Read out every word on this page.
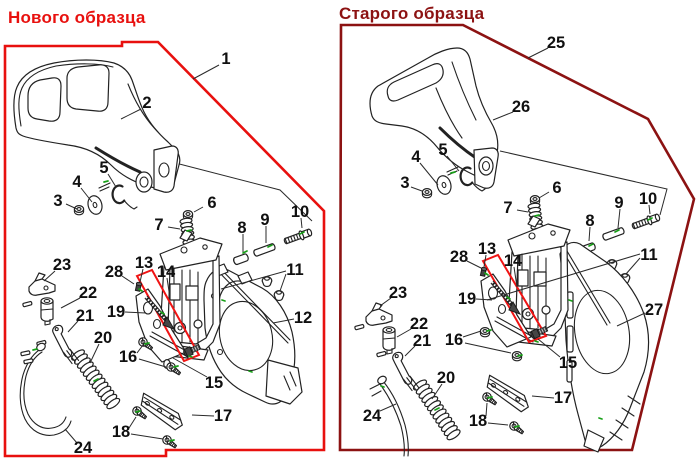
1
2
3
4
5
6
7	8 9 10
11
12
13 14
15
16
17
18
19
20
21
22
23
24
28
25
26
3
4 5
6
7
8
9 10
11
13
14
15
16
17
18
19
20
21
22
23
24
27
28
Нового образца	Старого образца
